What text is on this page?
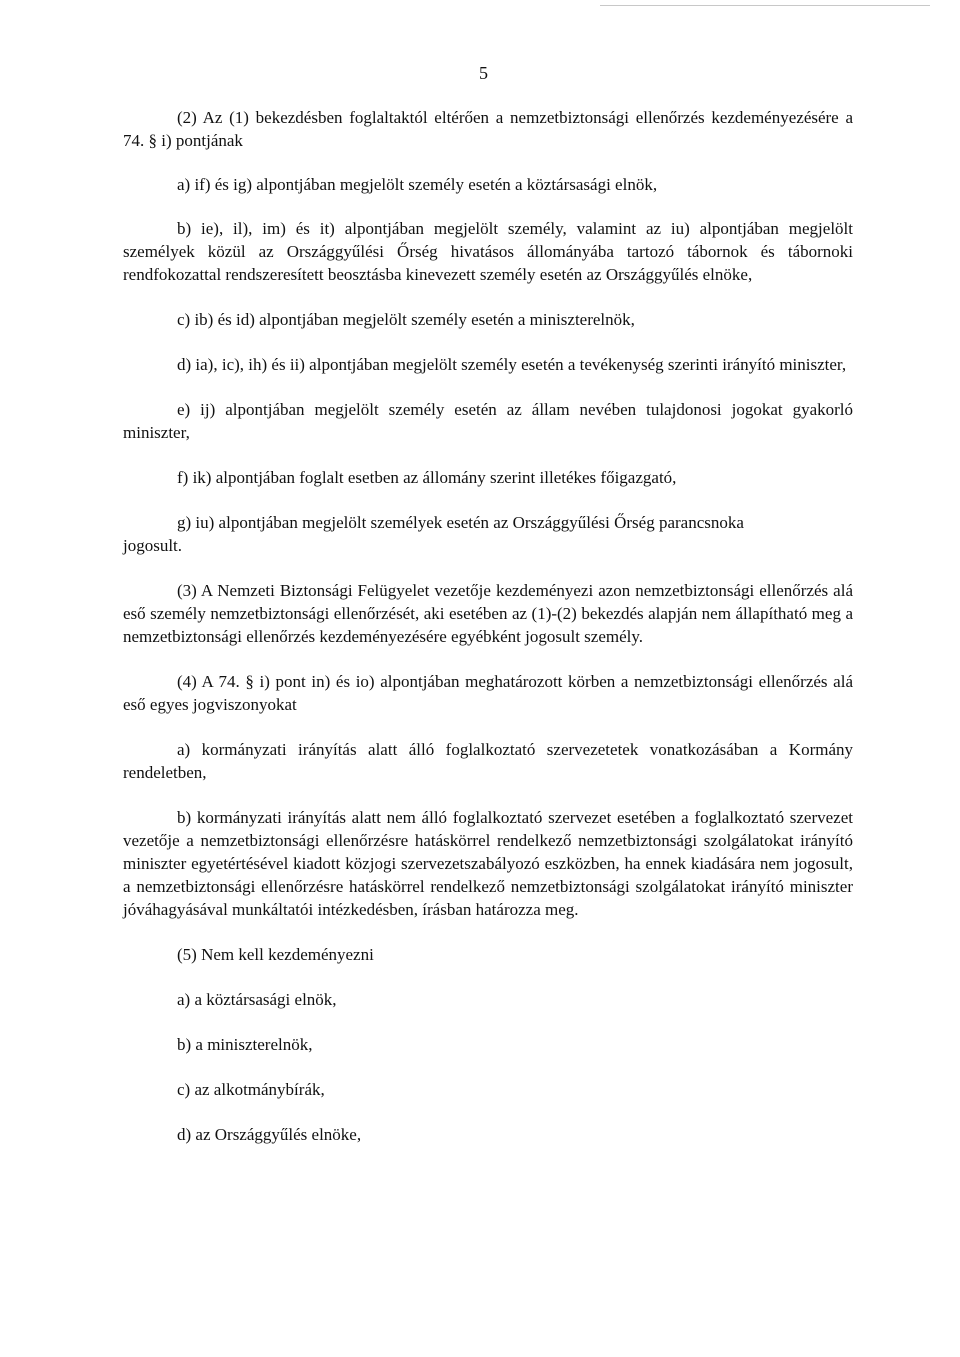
5

(2) Az (1) bekezdésben foglaltaktól eltérően a nemzetbiztonsági ellenőrzés kezdeményezésére a 74. § i) pontjának

a) if) és ig) alpontjában megjelölt személy esetén a köztársasági elnök,

b) ie), il), im) és it) alpontjában megjelölt személy, valamint az iu) alpontjában megjelölt személyek közül az Országgyűlési Őrség hivatásos állományába tartozó tábornok és tábornoki rendfokozattal rendszeresített beosztásba kinevezett személy esetén az Országgyűlés elnöke,

c) ib) és id) alpontjában megjelölt személy esetén a miniszterelnök,

d) ia), ic), ih) és ii) alpontjában megjelölt személy esetén a tevékenység szerinti irányító miniszter,

e) ij) alpontjában megjelölt személy esetén az állam nevében tulajdonosi jogokat gyakorló miniszter,

f) ik) alpontjában foglalt esetben az állomány szerint illetékes főigazgató,

g) iu) alpontjában megjelölt személyek esetén az Országgyűlési Őrség parancsnoka

jogosult.

(3) A Nemzeti Biztonsági Felügyelet vezetője kezdeményezi azon nemzetbiztonsági ellenőrzés alá eső személy nemzetbiztonsági ellenőrzését, aki esetében az (1)-(2) bekezdés alapján nem állapítható meg a nemzetbiztonsági ellenőrzés kezdeményezésére egyébként jogosult személy.

(4) A 74. § i) pont in) és io) alpontjában meghatározott körben a nemzetbiztonsági ellenőrzés alá eső egyes jogviszonyokat

a) kormányzati irányítás alatt álló foglalkoztató szervezetetek vonatkozásában a Kormány rendeletben,

b) kormányzati irányítás alatt nem álló foglalkoztató szervezet esetében a foglalkoztató szervezet vezetője a nemzetbiztonsági ellenőrzésre hatáskörrel rendelkező nemzetbiztonsági szolgálatokat irányító miniszter egyetértésével kiadott közjogi szervezetszabályozó eszközben, ha ennek kiadására nem jogosult, a nemzetbiztonsági ellenőrzésre hatáskörrel rendelkező nemzetbiztonsági szolgálatokat irányító miniszter jóváhagyásával munkáltatói intézkedésben, írásban határozza meg.

(5) Nem kell kezdeményezni

a) a köztársasági elnök,

b) a miniszterelnök,

c) az alkotmánybírák,

d) az Országgyűlés elnöke,
